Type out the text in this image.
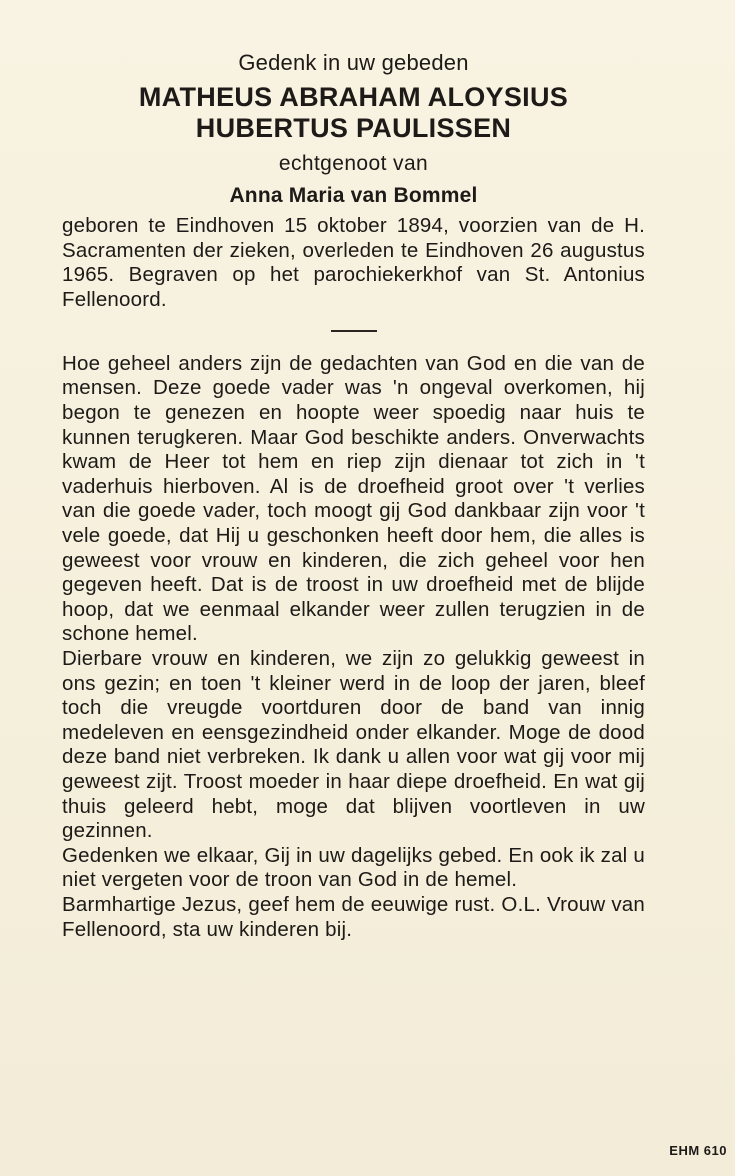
Gedenk in uw gebeden
MATHEUS ABRAHAM ALOYSIUS
HUBERTUS PAULISSEN
echtgenoot van
Anna Maria van Bommel
geboren te Eindhoven 15 oktober 1894, voorzien van de H. Sacramenten der zieken, overleden te Eindhoven 26 augustus 1965. Begraven op het parochiekerkhof van St. Antonius Fellenoord.
Hoe geheel anders zijn de gedachten van God en die van de mensen. Deze goede vader was 'n ongeval overkomen, hij begon te genezen en hoopte weer spoedig naar huis te kunnen terugkeren. Maar God beschikte anders. Onverwachts kwam de Heer tot hem en riep zijn dienaar tot zich in 't vaderhuis hierboven. Al is de droefheid groot over 't verlies van die goede vader, toch moogt gij God dankbaar zijn voor 't vele goede, dat Hij u geschonken heeft door hem, die alles is geweest voor vrouw en kinderen, die zich geheel voor hen gegeven heeft. Dat is de troost in uw droefheid met de blijde hoop, dat we eenmaal elkander weer zullen terugzien in de schone hemel.
Dierbare vrouw en kinderen, we zijn zo gelukkig geweest in ons gezin; en toen 't kleiner werd in de loop der jaren, bleef toch die vreugde voortduren door de band van innig medeleven en eensgezindheid onder elkander. Moge de dood deze band niet verbreken. Ik dank u allen voor wat gij voor mij geweest zijt. Troost moeder in haar diepe droefheid. En wat gij thuis geleerd hebt, moge dat blijven voortleven in uw gezinnen.
Gedenken we elkaar, Gij in uw dagelijks gebed. En ook ik zal u niet vergeten voor de troon van God in de hemel.
Barmhartige Jezus, geef hem de eeuwige rust. O.L. Vrouw van Fellenoord, sta uw kinderen bij.
EHM 610
